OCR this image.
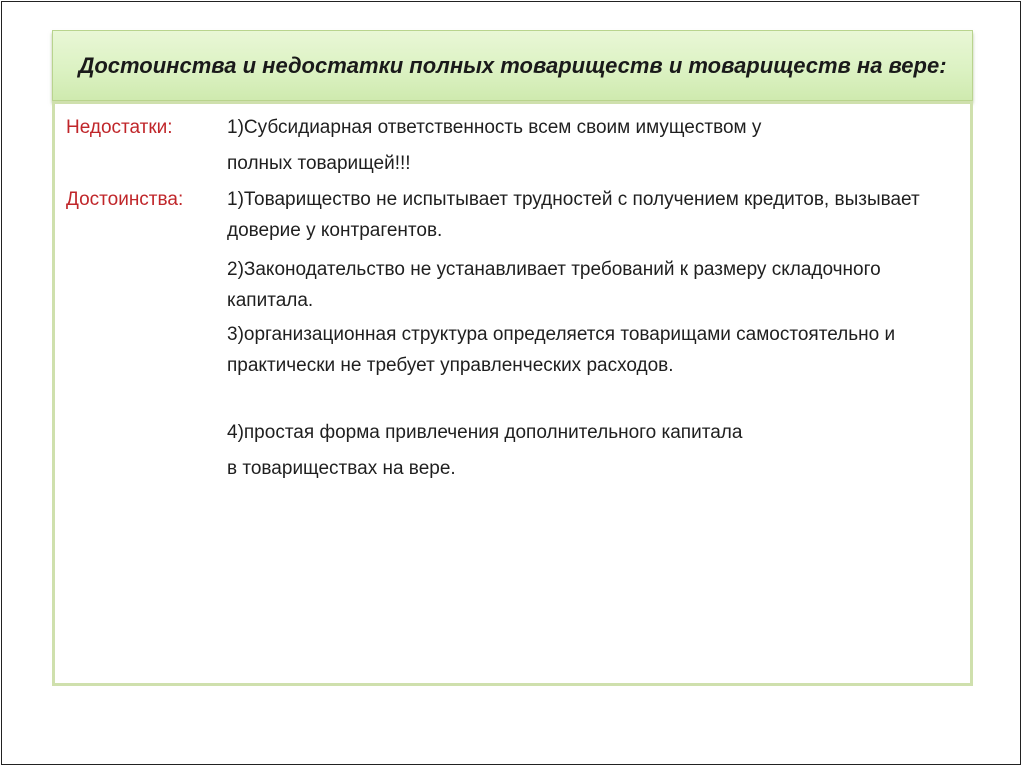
Достоинства и недостатки полных товариществ и товариществ на вере:
Недостатки:	1)Субсидиарная ответственность всем своим имуществом у
полных товарищей!!!
Достоинства: 1)Товарищество не испытывает трудностей с получением кредитов, вызывает доверие у контрагентов.
2)Законодательство не устанавливает требований к размеру складочного капитала.
3)организационная структура определяется товарищами самостоятельно и практически не требует управленческих расходов.
4)простая форма привлечения дополнительного капитала
в товариществах на вере.
